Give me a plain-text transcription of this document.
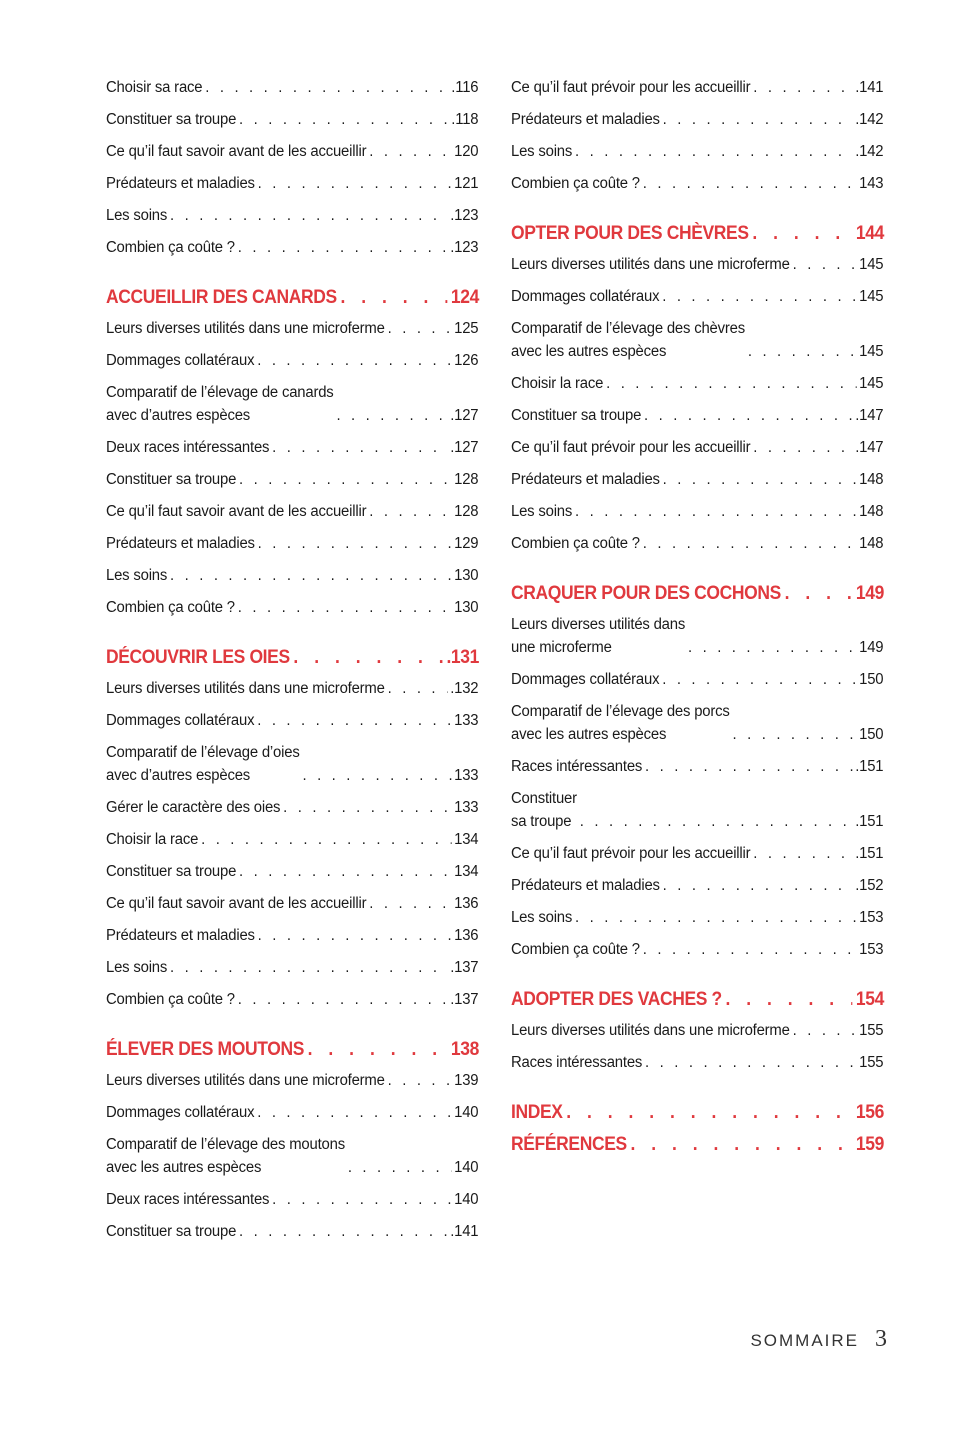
Choisir sa race . . .	.116
Constituer sa troupe . . .	.118
Ce qu’il faut savoir avant de les accueillir . . .	120
Prédateurs et maladies . . .	121
Les soins . . .	.123
Combien ça coûte ? . . .	.123
ACCUEILLIR DES CANARDS . . .	124
Leurs diverses utilités dans une microferme . . .	125
Dommages collatéraux . . .	126
Comparatif de l’élevage de canards
avec d’autres espèces . . .	.127
Deux races intéressantes . . .	.127
Constituer sa troupe . . .	128
Ce qu’il faut savoir avant de les accueillir . . .	128
Prédateurs et maladies . . .	129
Les soins . . .	130
Combien ça coûte ? . . .	130
DÉCOUVRIR LES OIES . . .	.131
Leurs diverses utilités dans une microferme . . .	.132
Dommages collatéraux . . .	133
Comparatif de l’élevage d’oies
avec d’autres espèces . . .	133
Gérer le caractère des oies . . .	133
Choisir la race . . .	134
Constituer sa troupe . . .	134
Ce qu’il faut savoir avant de les accueillir . . .	136
Prédateurs et maladies . . .	136
Les soins . . .	.137
Combien ça coûte ? . . .	.137
ÉLEVER DES MOUTONS . . .	138
Leurs diverses utilités dans une microferme . . .	139
Dommages collatéraux . . .	140
Comparatif de l’élevage des moutons
avec les autres espèces . . .	140
Deux races intéressantes . . .	140
Constituer sa troupe . . .	.141
Ce qu’il faut prévoir pour les accueillir . . .	.141
Prédateurs et maladies . . .	.142
Les soins . . .	.142
Combien ça coûte ? . . .	143
OPTER POUR DES CHÈVRES . . .	144
Leurs diverses utilités dans une microferme . . .	145
Dommages collatéraux . . .	145
Comparatif de l’élevage des chèvres
avec les autres espèces . . .	145
Choisir la race . . .	145
Constituer sa troupe . . .	.147
Ce qu’il faut prévoir pour les accueillir . . .	.147
Prédateurs et maladies . . .	148
Les soins . . .	148
Combien ça coûte ? . . .	148
CRAQUER POUR DES COCHONS . . .	149
Leurs diverses utilités dans
une microferme . . .	149
Dommages collatéraux . . .	150
Comparatif de l’élevage des porcs
avec les autres espèces . . .	150
Races intéressantes . . .	.151
Constituer
sa troupe . . .	.151
Ce qu’il faut prévoir pour les accueillir . . .	.151
Prédateurs et maladies . . .	.152
Les soins . . .	153
Combien ça coûte ? . . .	153
ADOPTER DES VACHES ? . . .	154
Leurs diverses utilités dans une microferme . . .	155
Races intéressantes . . .	155
INDEX . . .	156
RÉFÉRENCES . . .	159
SOMMAIRE 3
